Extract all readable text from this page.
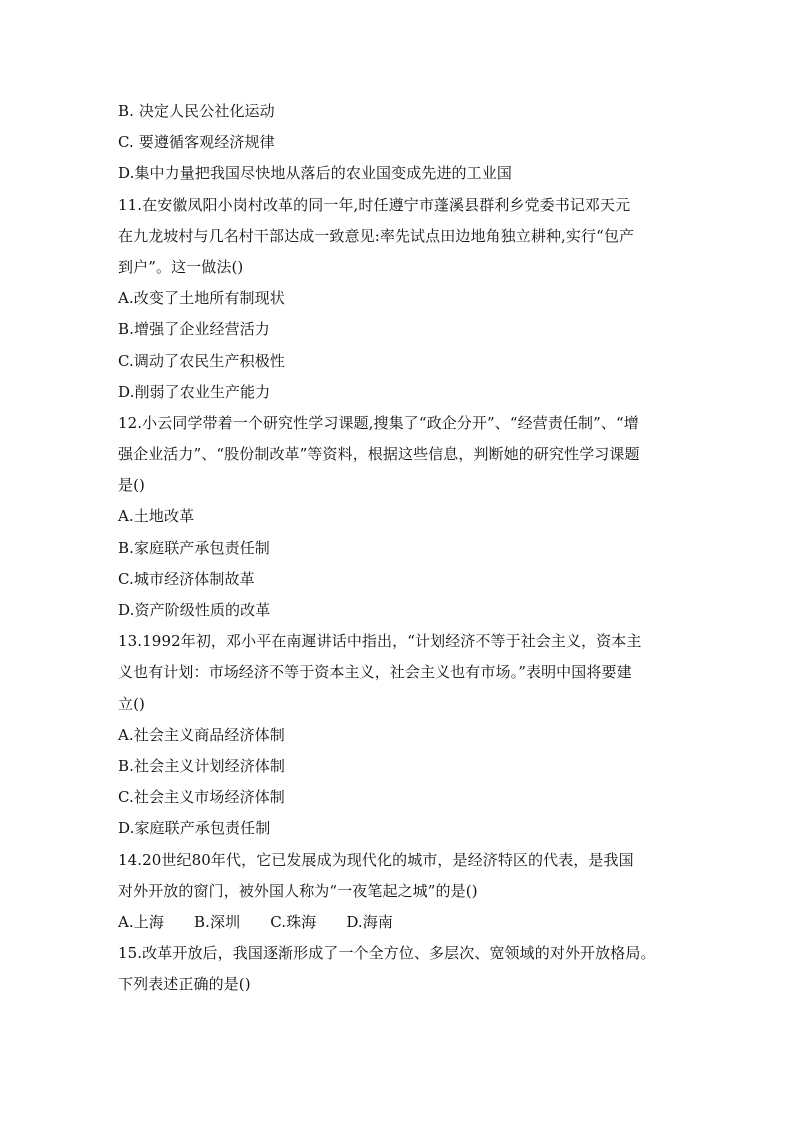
B. 决定人民公社化运动
C. 要遵循客观经济规律
D.集中力量把我国尽快地从落后的农业国变成先进的工业国
11.在安徽凤阳小岗村改革的同一年,时任遵宁市蓬溪县群利乡党委书记邓天元
在九龙坡村与几名村干部达成一致意见:率先试点田边地角独立耕种,实行“包产
到户”。这一做法()
A.改变了土地所有制现状
B.增强了企业经营活力
C.调动了农民生产积极性
D.削弱了农业生产能力
12.小云同学带着一个研究性学习课题,搜集了“政企分开”、“经营责任制”、“增
强企业活力”、“股份制改革”等资料，根据这些信息，判断她的研究性学习课题
是()
A.土地改革
B.家庭联产承包责任制
C.城市经济体制故革
D.资产阶级性质的改革
13.1992年初，邓小平在南遲讲话中指出，“计划经济不等于社会主义，资本主
义也有计划：市场经济不等于资本主义，社会主义也有市场。”表明中国将要建
立()
A.社会主义商品经济体制
B.社会主义计划经济体制
C.社会主义市场经济体制
D.家庭联产承包责任制
14.20世纪80年代，它已发展成为现代化的城市，是经济特区的代表，是我国
对外开放的窗门，被外国人称为“一夜笔起之城”的是()
A.上海 B.深圳 C.珠海 D.海南
15.改革开放后，我国逐渐形成了一个全方位、多层次、宽领域的对外开放格局。
下列表述正确的是()
